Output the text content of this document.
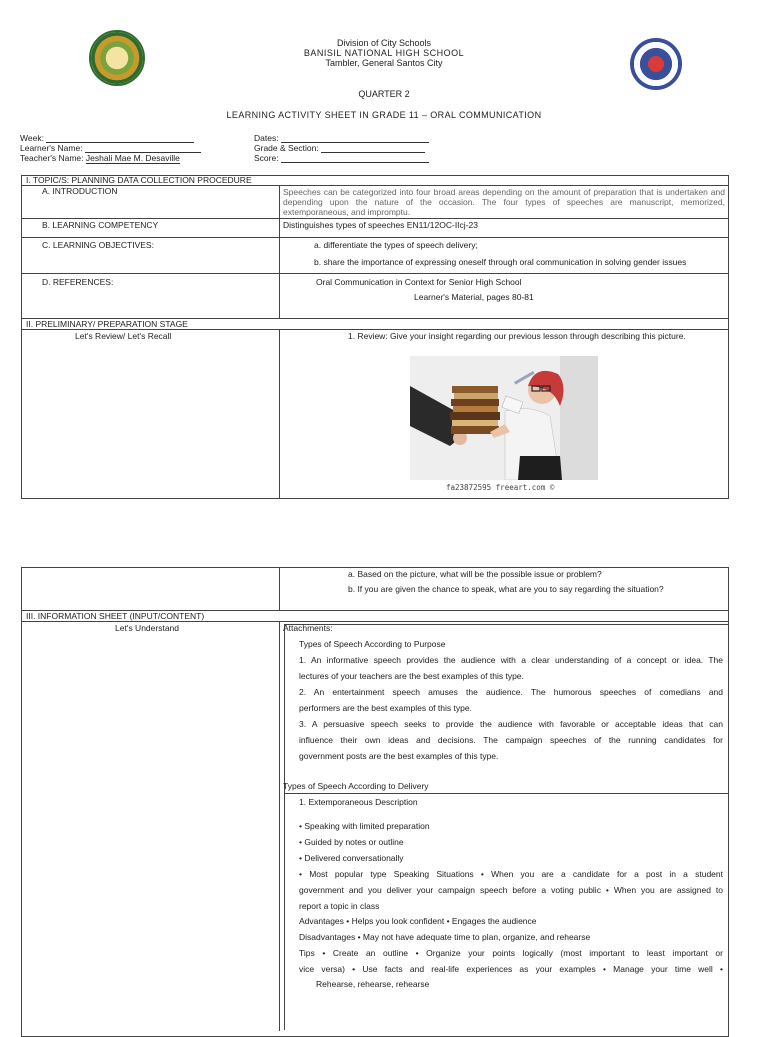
Division of City Schools
BANISIL NATIONAL HIGH SCHOOL
Tambler, General Santos City
QUARTER 2
LEARNING ACTIVITY SHEET IN GRADE 11 – ORAL COMMUNICATION
Week:
Learner's Name:
Teacher's Name: Jeshali Mae M. Desaville
Dates:
Grade & Section:
Score:
I. TOPIC/S: PLANNING DATA COLLECTION PROCEDURE
A. INTRODUCTION	Speeches can be categorized into four broad areas depending on the amount of preparation that is undertaken and depending upon the nature of the occasion. The four types of speeches are manuscript, memorized, extemporaneous, and impromptu.
B. LEARNING COMPETENCY	Distinguishes types of speeches EN11/12OC-IIcj-23
C. LEARNING OBJECTIVES:	a. differentiate the types of speech delivery;
b. share the importance of expressing oneself through oral communication in solving gender issues
D. REFERENCES:	Oral Communication in Context for Senior High School
Learner's Material, pages 80-81
II. PRELIMINARY/ PREPARATION STAGE
Let's Review/ Let's Recall	1. Review: Give your insight regarding our previous lesson through describing this picture.
fa23872595 freeart.com ©
a. Based on the picture, what will be the possible issue or problem?
b. If you are given the chance to speak, what are you to say regarding the situation?
III. INFORMATION SHEET (INPUT/CONTENT)
Let's Understand	Attachments:
Types of Speech According to Purpose
1. An informative speech provides the audience with a clear understanding of a concept or idea. The
lectures of your teachers are the best examples of this type.
2. An entertainment speech amuses the audience. The humorous speeches of comedians and
performers are the best examples of this type.
3. A persuasive speech seeks to provide the audience with favorable or acceptable ideas that can
influence their own ideas and decisions. The campaign speeches of the running candidates for
government posts are the best examples of this type.
Types of Speech According to Delivery
1. Extemporaneous Description
• Speaking with limited preparation
• Guided by notes or outline
• Delivered conversationally
• Most popular type Speaking Situations • When you are a candidate for a post in a student
government and you deliver your campaign speech before a voting public • When you are assigned to
report a topic in class
Advantages • Helps you look confident • Engages the audience
Disadvantages • May not have adequate time to plan, organize, and rehearse
Tips • Create an outline • Organize your points logically (most important to least important or
vice versa) • Use facts and real-life experiences as your examples • Manage your time well •
Rehearse, rehearse, rehearse
